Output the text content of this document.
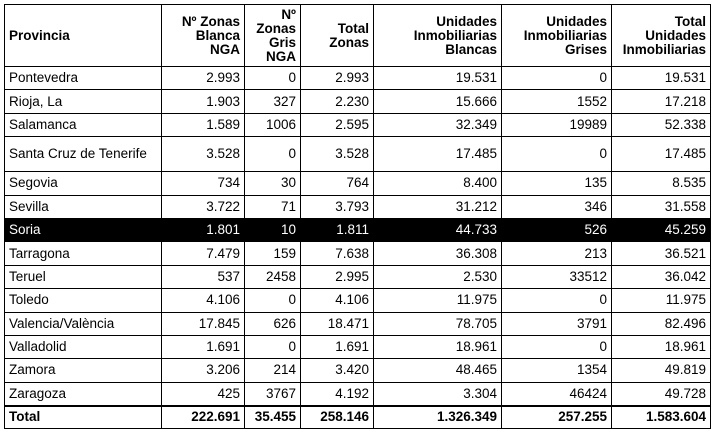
Provincia	Nº Zonas Blanca NGA	Nº Zonas Gris NGA	Total Zonas	Unidades Inmobiliarias Blancas	Unidades Inmobiliarias Grises	Total Unidades Inmobiliarias
Pontevedra	2.993	0	2.993	19.531	0	19.531
Rioja, La	1.903	327	2.230	15.666	1552	17.218
Salamanca	1.589	1006	2.595	32.349	19989	52.338
Santa Cruz de Tenerife	3.528	0	3.528	17.485	0	17.485
Segovia	734	30	764	8.400	135	8.535
Sevilla	3.722	71	3.793	31.212	346	31.558
Soria	1.801	10	1.811	44.733	526	45.259
Tarragona	7.479	159	7.638	36.308	213	36.521
Teruel	537	2458	2.995	2.530	33512	36.042
Toledo	4.106	0	4.106	11.975	0	11.975
Valencia/València	17.845	626	18.471	78.705	3791	82.496
Valladolid	1.691	0	1.691	18.961	0	18.961
Zamora	3.206	214	3.420	48.465	1354	49.819
Zaragoza	425	3767	4.192	3.304	46424	49.728
Total	222.691	35.455	258.146	1.326.349	257.255	1.583.604
